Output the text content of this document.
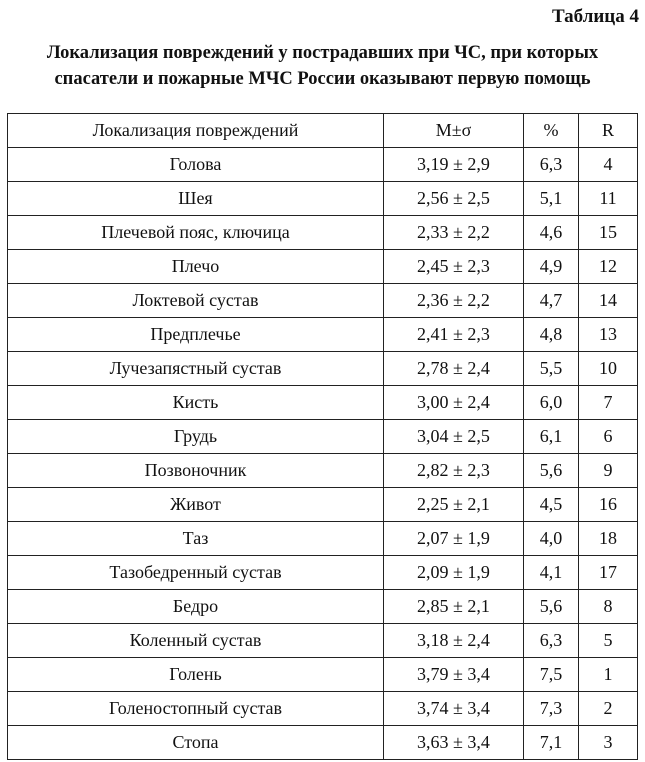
Таблица 4
Локализация повреждений у пострадавших при ЧС, при которых
спасатели и пожарные МЧС России оказывают первую помощь
Локализация повреждений	M±σ	%	R
Голова	3,19 ± 2,9	6,3	4
Шея	2,56 ± 2,5	5,1	11
Плечевой пояс, ключица	2,33 ± 2,2	4,6	15
Плечо	2,45 ± 2,3	4,9	12
Локтевой сустав	2,36 ± 2,2	4,7	14
Предплечье	2,41 ± 2,3	4,8	13
Лучезапястный сустав	2,78 ± 2,4	5,5	10
Кисть	3,00 ± 2,4	6,0	7
Грудь	3,04 ± 2,5	6,1	6
Позвоночник	2,82 ± 2,3	5,6	9
Живот	2,25 ± 2,1	4,5	16
Таз	2,07 ± 1,9	4,0	18
Тазобедренный сустав	2,09 ± 1,9	4,1	17
Бедро	2,85 ± 2,1	5,6	8
Коленный сустав	3,18 ± 2,4	6,3	5
Голень	3,79 ± 3,4	7,5	1
Голеностопный сустав	3,74 ± 3,4	7,3	2
Стопа	3,63 ± 3,4	7,1	3
